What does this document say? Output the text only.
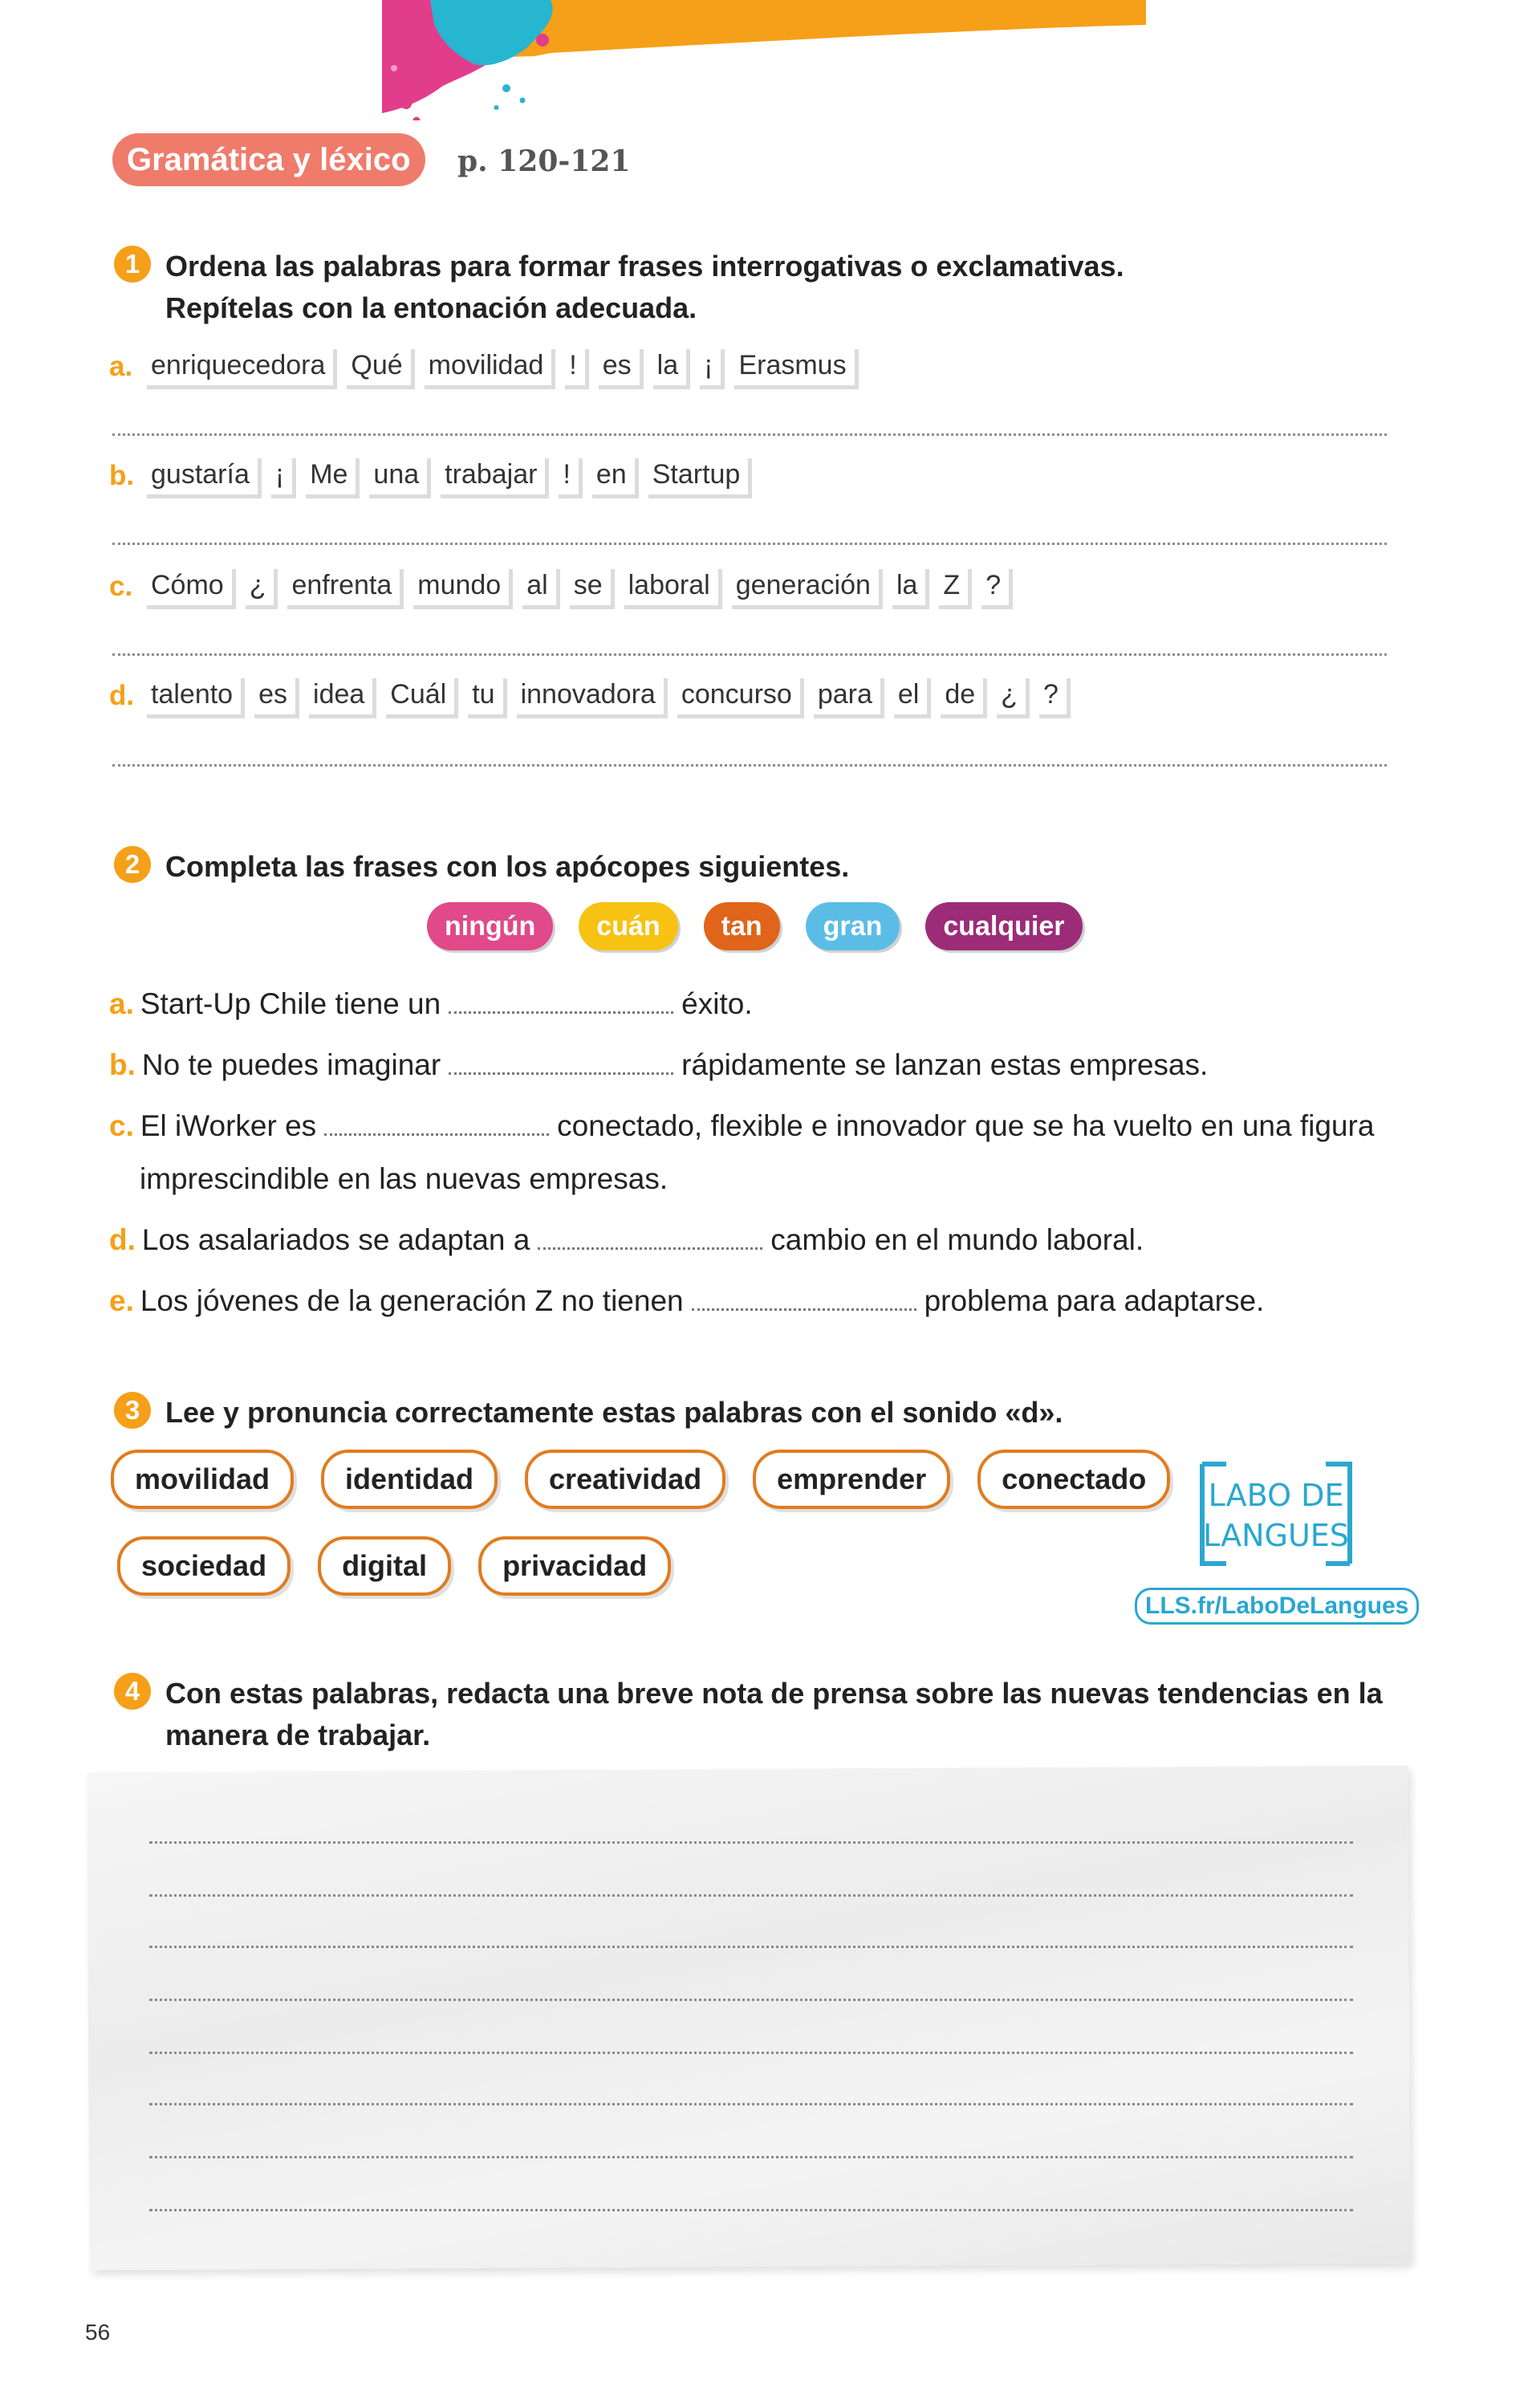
Gramática y léxico	p. 120-121
1 Ordena las palabras para formar frases interrogativas o exclamativas.
Repítelas con la entonación adecuada.
a. enriquecedora Qué movilidad ! es la ¡ Erasmus
b. gustaría ¡ Me una trabajar ! en Startup
c. Cómo ¿ enfrenta mundo al se laboral generación la Z ?
d. talento es idea Cuál tu innovadora concurso para el de ¿ ?
2 Completa las frases con los apócopes siguientes.
ningún	cuán	tan	gran	cualquier
a. Start-Up Chile tiene un	éxito.
b. No te puedes imaginar	rápidamente se lanzan estas empresas.
c. El iWorker es	conectado, flexible e innovador que se ha vuelto en una figura
imprescindible en las nuevas empresas.
d. Los asalariados se adaptan a	cambio en el mundo laboral.
e. Los jóvenes de la generación Z no tienen	problema para adaptarse.
3 Lee y pronuncia correctamente estas palabras con el sonido «d».
movilidad	identidad	creatividad	emprender	conectado
sociedad	digital	privacidad
LABO DE
LANGUES
LLS.fr/LaboDeLangues
4 Con estas palabras, redacta una breve nota de prensa sobre las nuevas tendencias en la
manera de trabajar.
56
